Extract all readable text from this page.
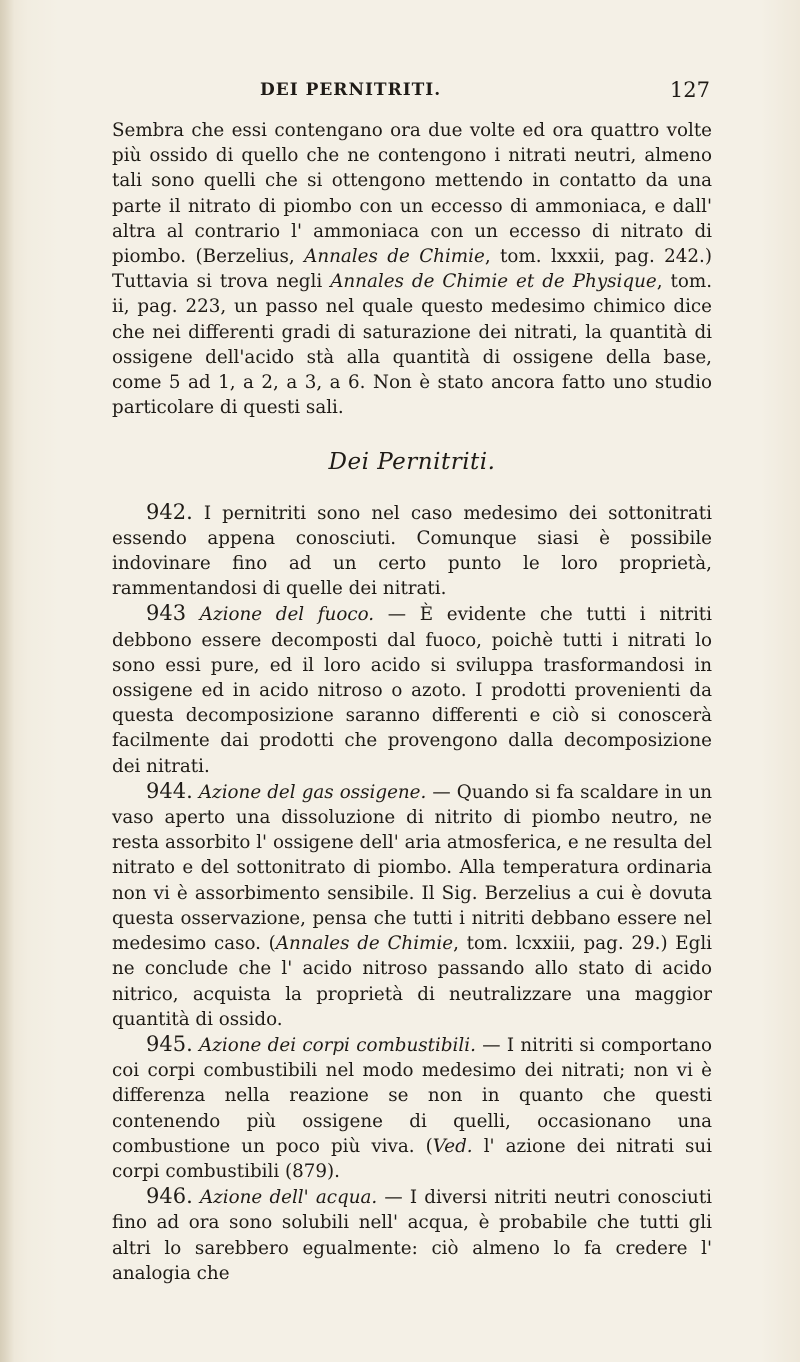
DEI PERNITRITI.	127

Sembra che essi contengano ora due volte ed ora quattro volte più ossido di quello che ne contengono i nitrati neutri, almeno tali sono quelli che si ottengono mettendo in contatto da una parte il nitrato di piombo con un eccesso di ammoniaca, e dall' altra al contrario l' ammoniaca con un eccesso di nitrato di piombo. (Berzelius, Annales de Chimie, tom. lxxxii, pag. 242.) Tuttavia si trova negli Annales de Chimie et de Physique, tom. ii, pag. 223, un passo nel quale questo medesimo chimico dice che nei differenti gradi di saturazione dei nitrati, la quantità di ossigene dell'acido stà alla quantità di ossigene della base, come 5 ad 1, a 2, a 3, a 6. Non è stato ancora fatto uno studio particolare di questi sali.

Dei Pernitriti.

942. I pernitriti sono nel caso medesimo dei sottonitrati essendo appena conosciuti. Comunque siasi è possibile indovinare fino ad un certo punto le loro proprietà, rammentandosi di quelle dei nitrati.

943 Azione del fuoco. — È evidente che tutti i nitriti debbono essere decomposti dal fuoco, poichè tutti i nitrati lo sono essi pure, ed il loro acido si sviluppa trasformandosi in ossigene ed in acido nitroso o azoto. I prodotti provenienti da questa decomposizione saranno differenti e ciò si conoscerà facilmente dai prodotti che provengono dalla decomposizione dei nitrati.

944. Azione del gas ossigene. — Quando si fa scaldare in un vaso aperto una dissoluzione di nitrito di piombo neutro, ne resta assorbito l' ossigene dell' aria atmosferica, e ne resulta del nitrato e del sottonitrato di piombo. Alla temperatura ordinaria non vi è assorbimento sensibile. Il Sig. Berzelius a cui è dovuta questa osservazione, pensa che tutti i nitriti debbano essere nel medesimo caso. (Annales de Chimie, tom. lcxxiii, pag. 29.) Egli ne conclude che l' acido nitroso passando allo stato di acido nitrico, acquista la proprietà di neutralizzare una maggior quantità di ossido.

945. Azione dei corpi combustibili. — I nitriti si comportano coi corpi combustibili nel modo medesimo dei nitrati; non vi è differenza nella reazione se non in quanto che questi contenendo più ossigene di quelli, occasionano una combustione un poco più viva. (Ved. l' azione dei nitrati sui corpi combustibili (879).

946. Azione dell' acqua. — I diversi nitriti neutri conosciuti fino ad ora sono solubili nell' acqua, è probabile che tutti gli altri lo sarebbero egualmente: ciò almeno lo fa credere l' analogia che
